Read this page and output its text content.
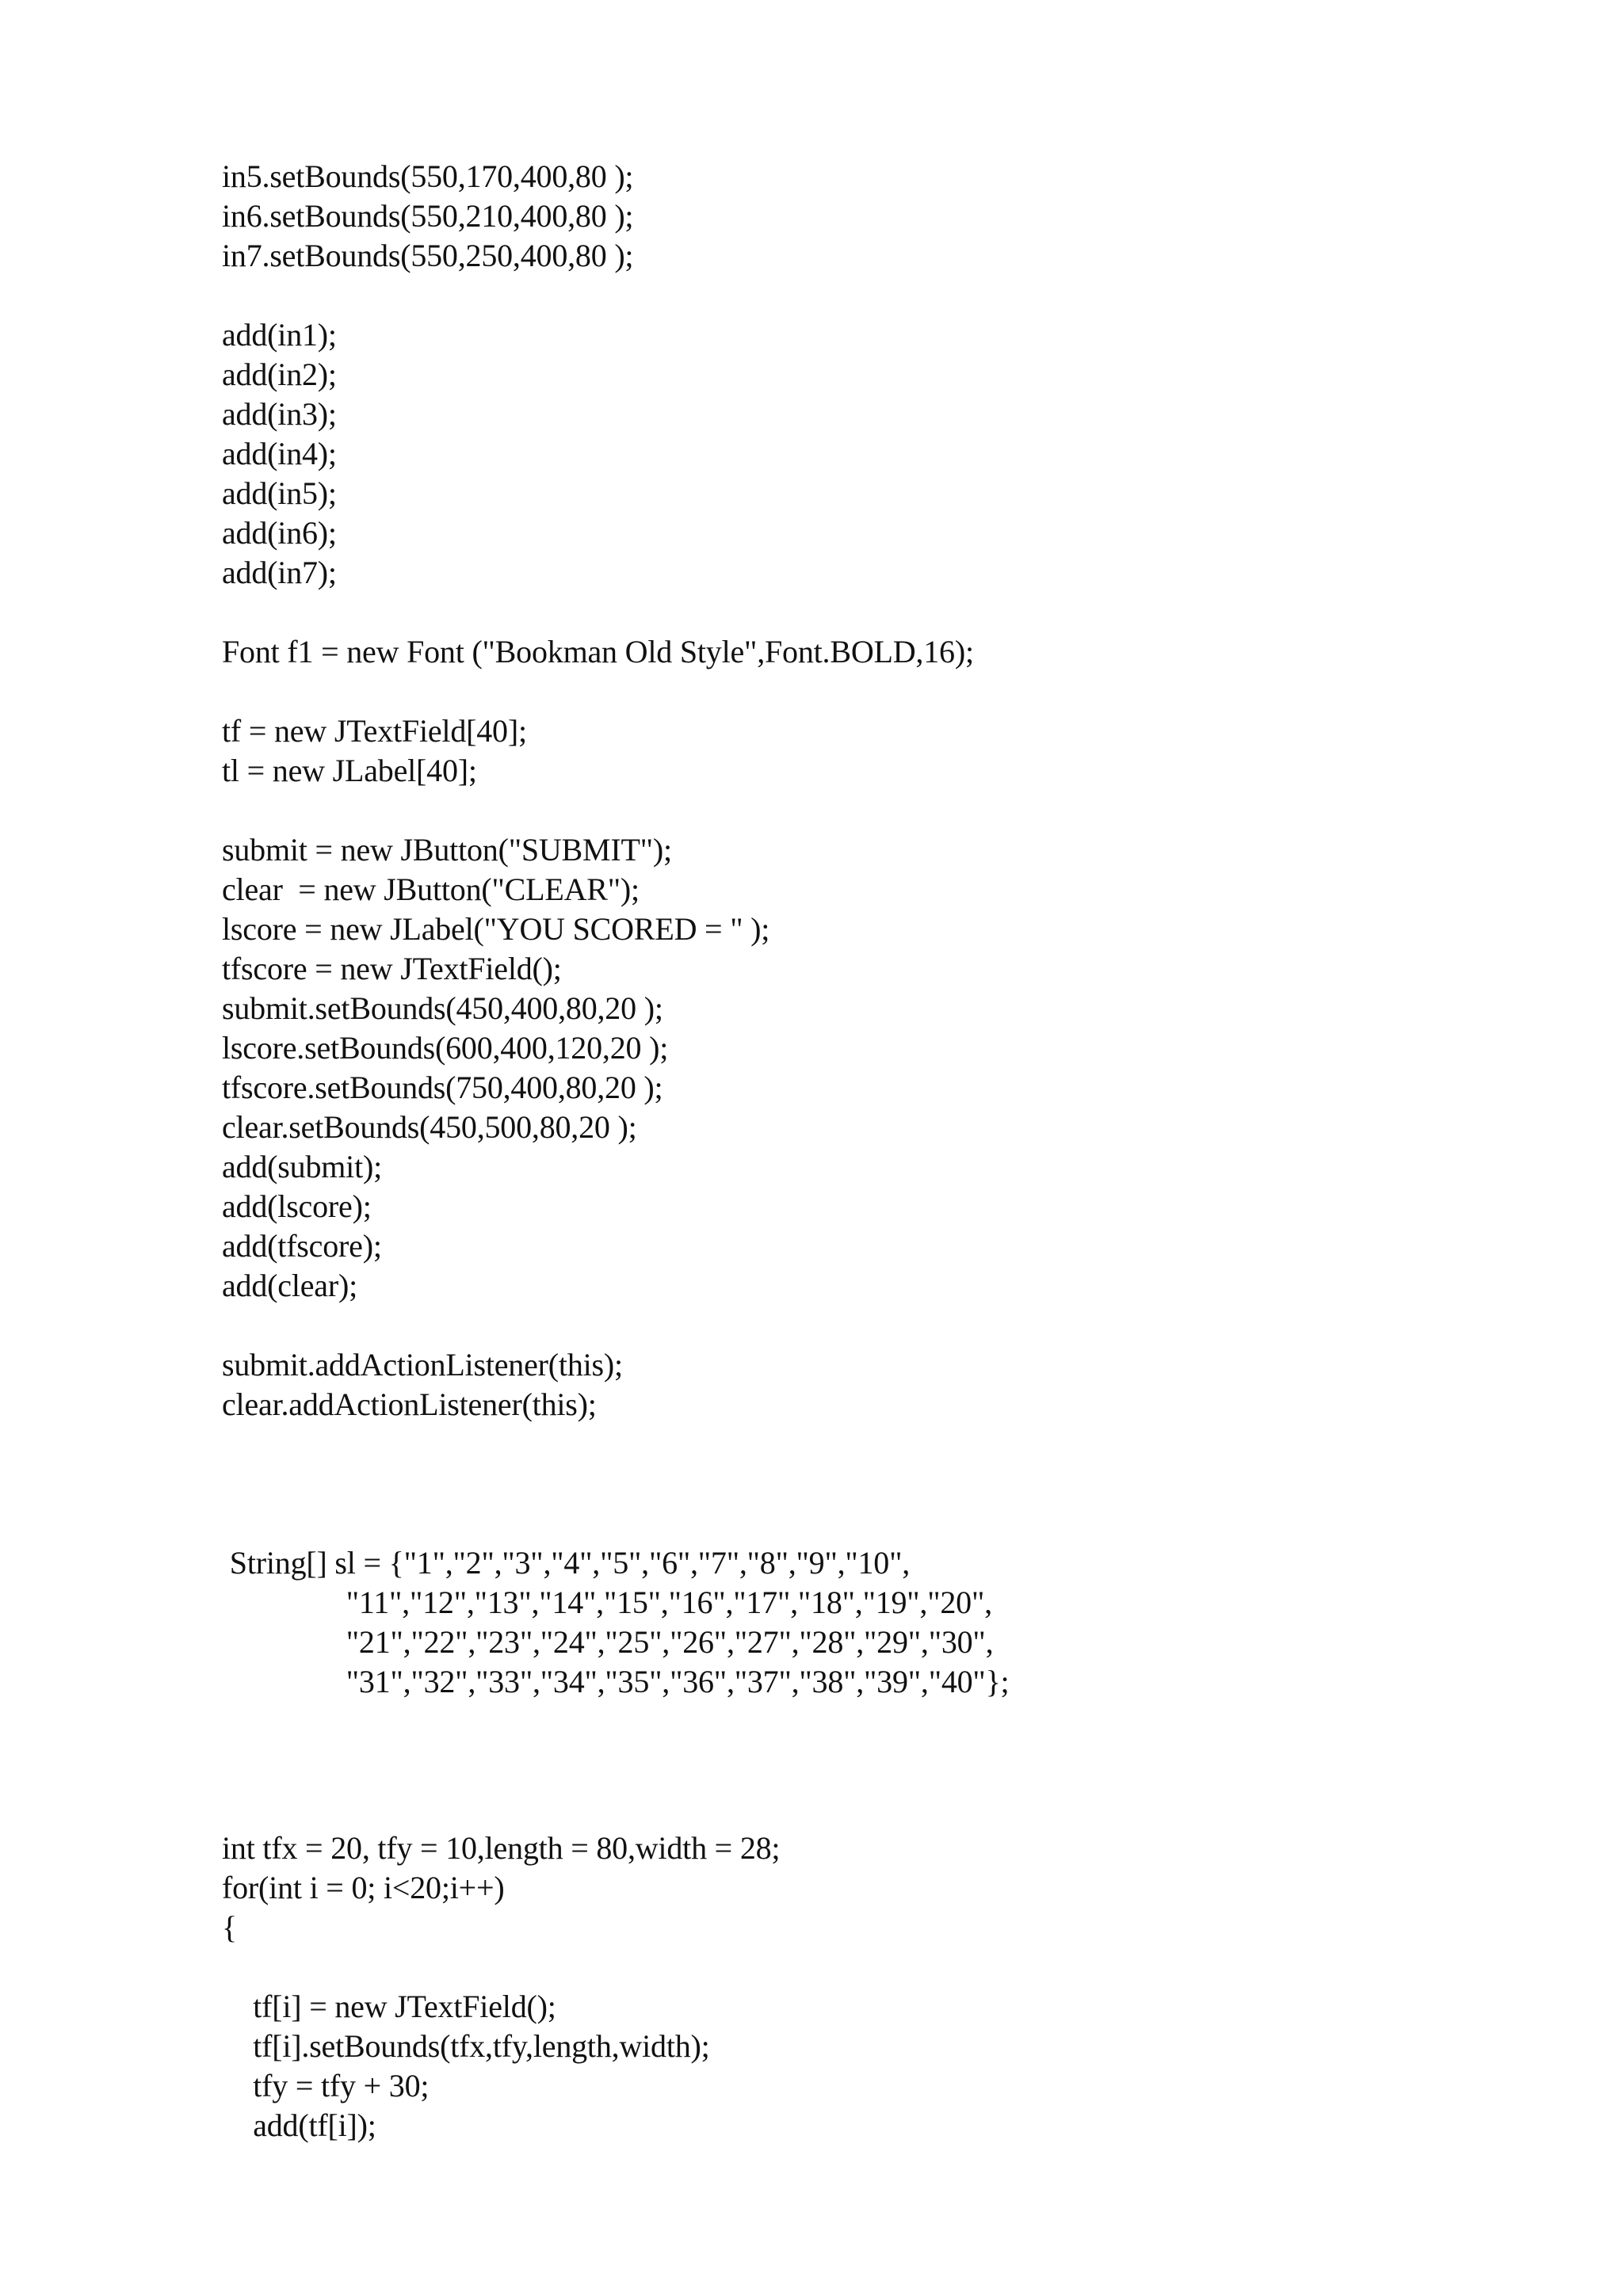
in5.setBounds(550,170,400,80 );
in6.setBounds(550,210,400,80 );
in7.setBounds(550,250,400,80 );
add(in1);
add(in2);
add(in3);
add(in4);
add(in5);
add(in6);
add(in7);
Font f1 = new Font ("Bookman Old Style",Font.BOLD,16);
tf = new JTextField[40];
tl = new JLabel[40];
submit = new JButton("SUBMIT");
clear  = new JButton("CLEAR");
lscore = new JLabel("YOU SCORED = " );
tfscore = new JTextField();
submit.setBounds(450,400,80,20 );
lscore.setBounds(600,400,120,20 );
tfscore.setBounds(750,400,80,20 );
clear.setBounds(450,500,80,20 );
add(submit);
add(lscore);
add(tfscore);
add(clear);
submit.addActionListener(this);
clear.addActionListener(this);
String[] sl = {"1","2","3","4","5","6","7","8","9","10",
"11","12","13","14","15","16","17","18","19","20",
"21","22","23","24","25","26","27","28","29","30",
"31","32","33","34","35","36","37","38","39","40"};
int tfx = 20, tfy = 10,length = 80,width = 28;
for(int i = 0; i<20;i++)
{
tf[i] = new JTextField();
tf[i].setBounds(tfx,tfy,length,width);
tfy = tfy + 30;
add(tf[i]);
